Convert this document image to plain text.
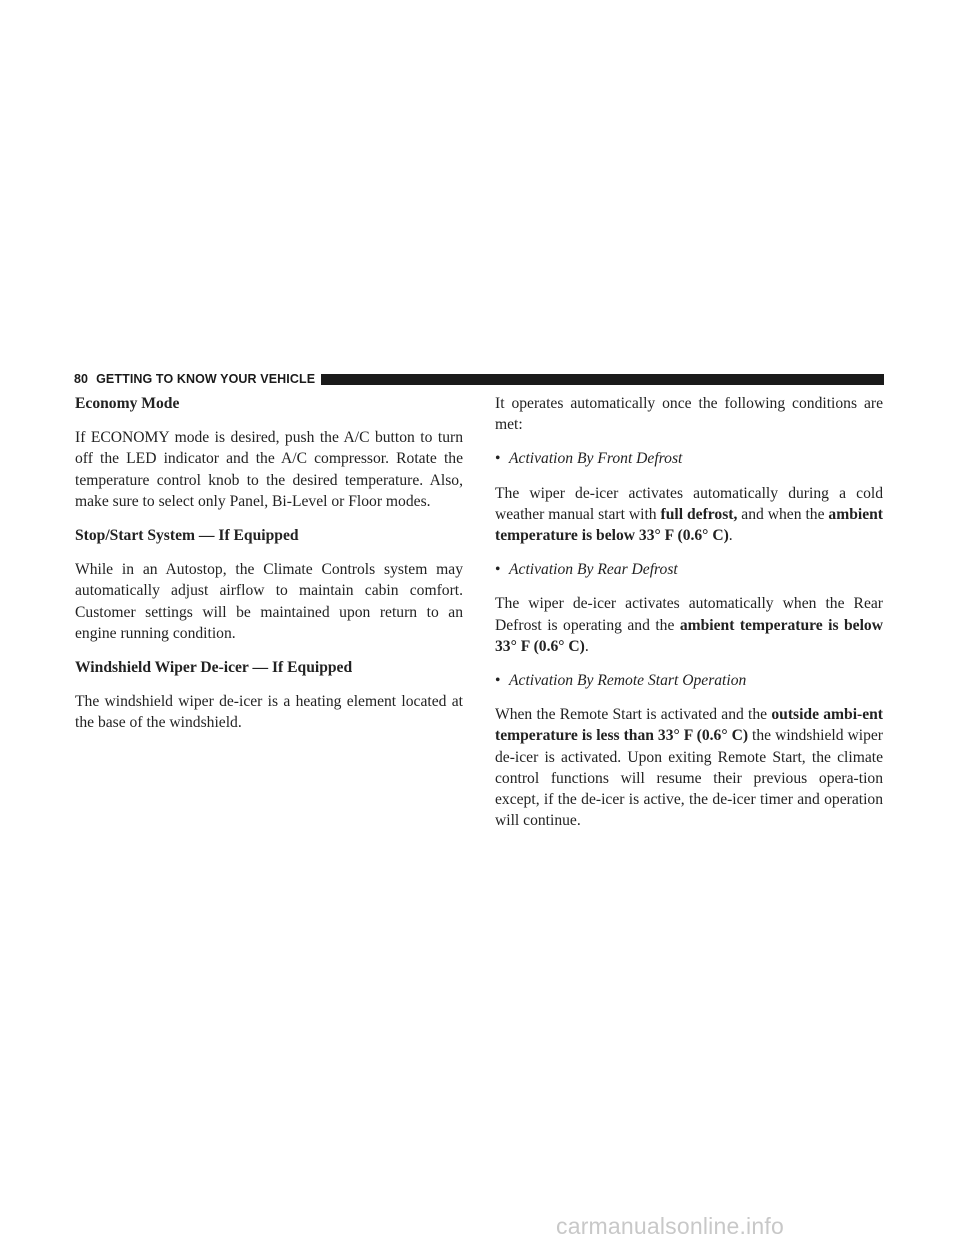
80 GETTING TO KNOW YOUR VEHICLE
Economy Mode

If ECONOMY mode is desired, push the A/C button to turn off the LED indicator and the A/C compressor. Rotate the temperature control knob to the desired temperature. Also, make sure to select only Panel, Bi-Level or Floor modes.

Stop/Start System — If Equipped

While in an Autostop, the Climate Controls system may automatically adjust airflow to maintain cabin comfort. Customer settings will be maintained upon return to an engine running condition.

Windshield Wiper De-icer — If Equipped

The windshield wiper de-icer is a heating element located at the base of the windshield.

It operates automatically once the following conditions are met:

• Activation By Front Defrost

The wiper de-icer activates automatically during a cold weather manual start with full defrost, and when the ambient temperature is below 33° F (0.6° C).

• Activation By Rear Defrost

The wiper de-icer activates automatically when the Rear Defrost is operating and the ambient temperature is below 33° F (0.6° C).

• Activation By Remote Start Operation

When the Remote Start is activated and the outside ambi-ent temperature is less than 33° F (0.6° C) the windshield wiper de-icer is activated. Upon exiting Remote Start, the climate control functions will resume their previous opera-tion except, if the de-icer is active, the de-icer timer and operation will continue.

carmanualsonline.info
